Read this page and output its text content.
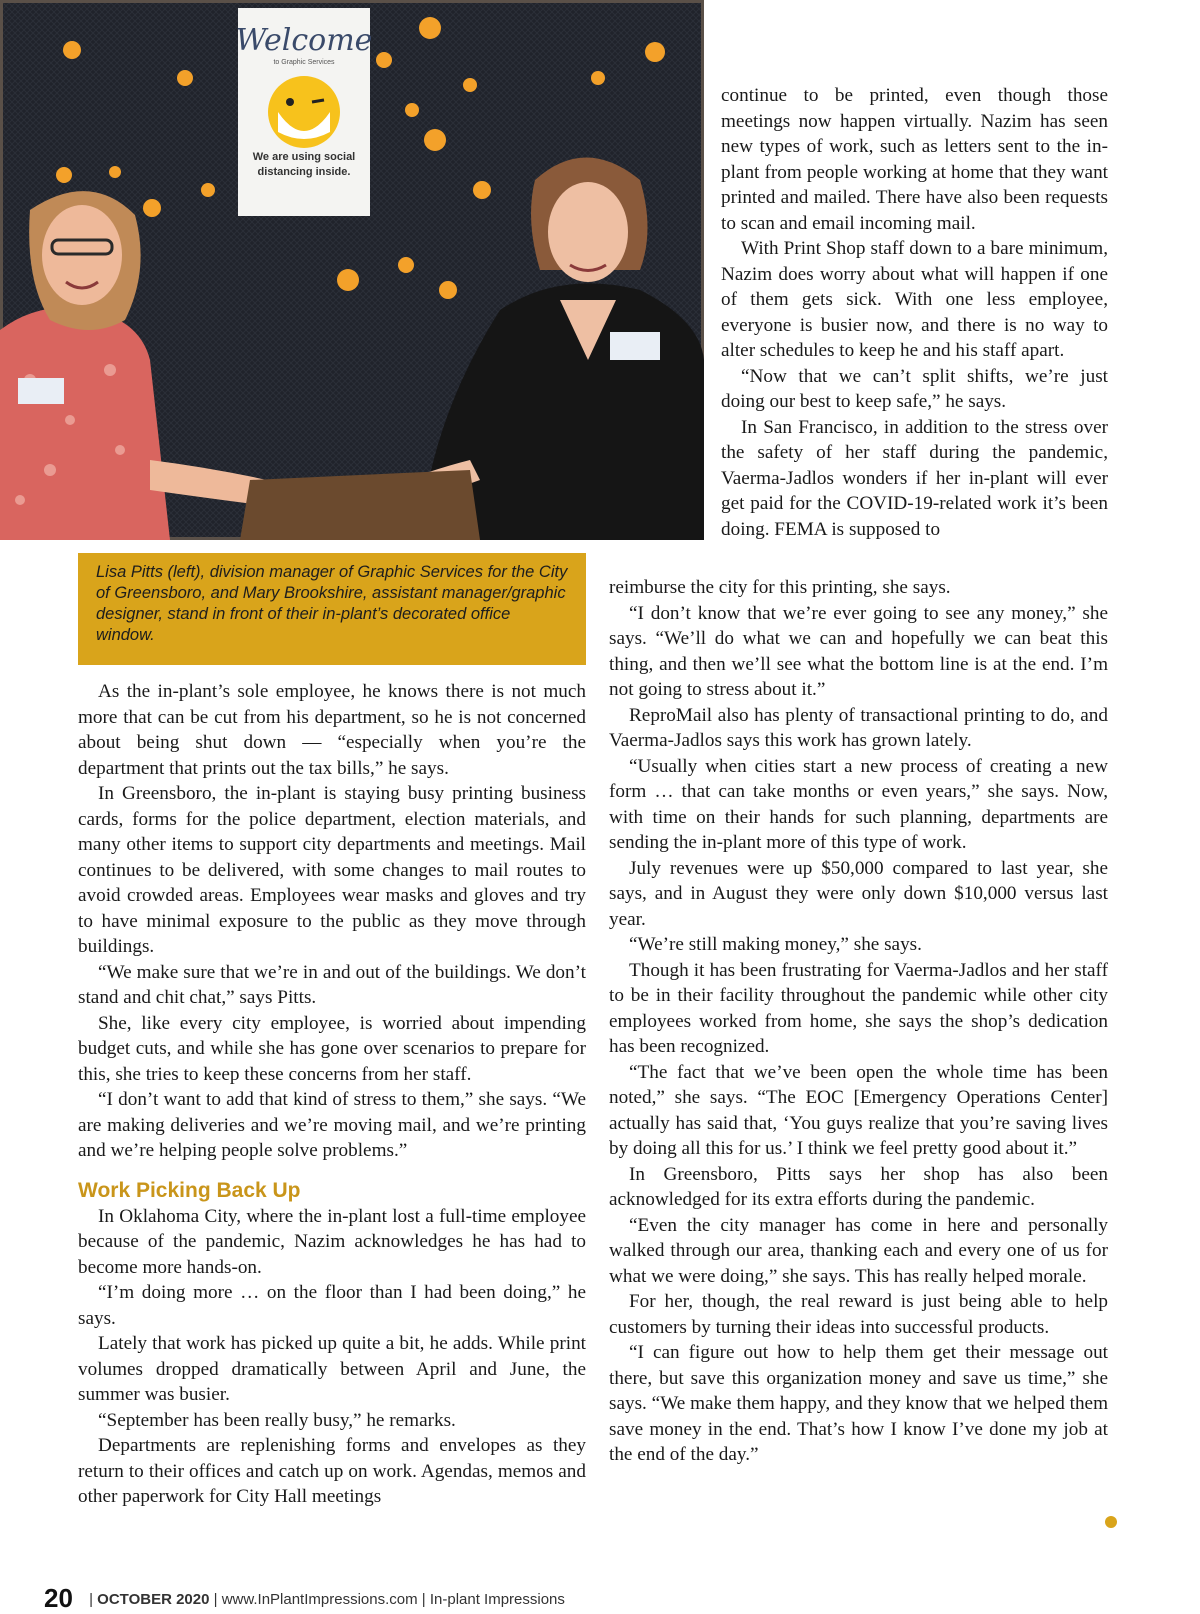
Welcome
to Graphic Services
We are using social distancing inside.
Lisa Pitts (left), division manager of Graphic Services for the City of Greensboro, and Mary Brookshire, assistant manager/graphic designer, stand in front of their in-plant’s decorated office window.

continue to be printed, even though those meetings now happen virtually. Nazim has seen new types of work, such as letters sent to the in-plant from people working at home that they want printed and mailed. There have also been requests to scan and email incoming mail.

With Print Shop staff down to a bare minimum, Nazim does worry about what will happen if one of them gets sick. With one less employee, everyone is busier now, and there is no way to alter schedules to keep he and his staff apart.

“Now that we can’t split shifts, we’re just doing our best to keep safe,” he says.

In San Francisco, in addition to the stress over the safety of her staff during the pandemic, Vaerma-Jadlos wonders if her in-plant will ever get paid for the COVID-19-related work it’s been doing. FEMA is supposed to

reimburse the city for this printing, she says.

“I don’t know that we’re ever going to see any money,” she says. “We’ll do what we can and hopefully we can beat this thing, and then we’ll see what the bottom line is at the end. I’m not going to stress about it.”

ReproMail also has plenty of transactional printing to do, and Vaerma-Jadlos says this work has grown lately.

“Usually when cities start a new process of creating a new form … that can take months or even years,” she says. Now, with time on their hands for such planning, departments are sending the in-plant more of this type of work.

July revenues were up $50,000 compared to last year, she says, and in August they were only down $10,000 versus last year.

“We’re still making money,” she says.

Though it has been frustrating for Vaerma-Jadlos and her staff to be in their facility throughout the pandemic while other city employees worked from home, she says the shop’s dedication has been recognized.

“The fact that we’ve been open the whole time has been noted,” she says. “The EOC [Emergency Operations Center] actually has said that, ‘You guys realize that you’re saving lives by doing all this for us.’ I think we feel pretty good about it.”

In Greensboro, Pitts says her shop has also been acknowledged for its extra efforts during the pandemic.

“Even the city manager has come in here and personally walked through our area, thanking each and every one of us for what we were doing,” she says. This has really helped morale.

For her, though, the real reward is just being able to help customers by turning their ideas into successful products.

“I can figure out how to help them get their message out there, but save this organization money and save us time,” she says. “We make them happy, and they know that we helped them save money in the end. That’s how I know I’ve done my job at the end of the day.”

As the in-plant’s sole employee, he knows there is not much more that can be cut from his department, so he is not concerned about being shut down — “especially when you’re the department that prints out the tax bills,” he says.

In Greensboro, the in-plant is staying busy printing business cards, forms for the police department, election materials, and many other items to support city departments and meetings. Mail continues to be delivered, with some changes to mail routes to avoid crowded areas. Employees wear masks and gloves and try to have minimal exposure to the public as they move through buildings.

“We make sure that we’re in and out of the buildings. We don’t stand and chit chat,” says Pitts.

She, like every city employee, is worried about impending budget cuts, and while she has gone over scenarios to prepare for this, she tries to keep these concerns from her staff.

“I don’t want to add that kind of stress to them,” she says. “We are making deliveries and we’re moving mail, and we’re printing and we’re helping people solve problems.”

Work Picking Back Up

In Oklahoma City, where the in-plant lost a full-time employee because of the pandemic, Nazim acknowledges he has had to become more hands-on.

“I’m doing more … on the floor than I had been doing,” he says.

Lately that work has picked up quite a bit, he adds. While print volumes dropped dramatically between April and June, the summer was busier.

“September has been really busy,” he remarks.

Departments are replenishing forms and envelopes as they return to their offices and catch up on work. Agendas, memos and other paperwork for City Hall meetings

20 | OCTOBER 2020 | www.InPlantImpressions.com | In-plant Impressions
